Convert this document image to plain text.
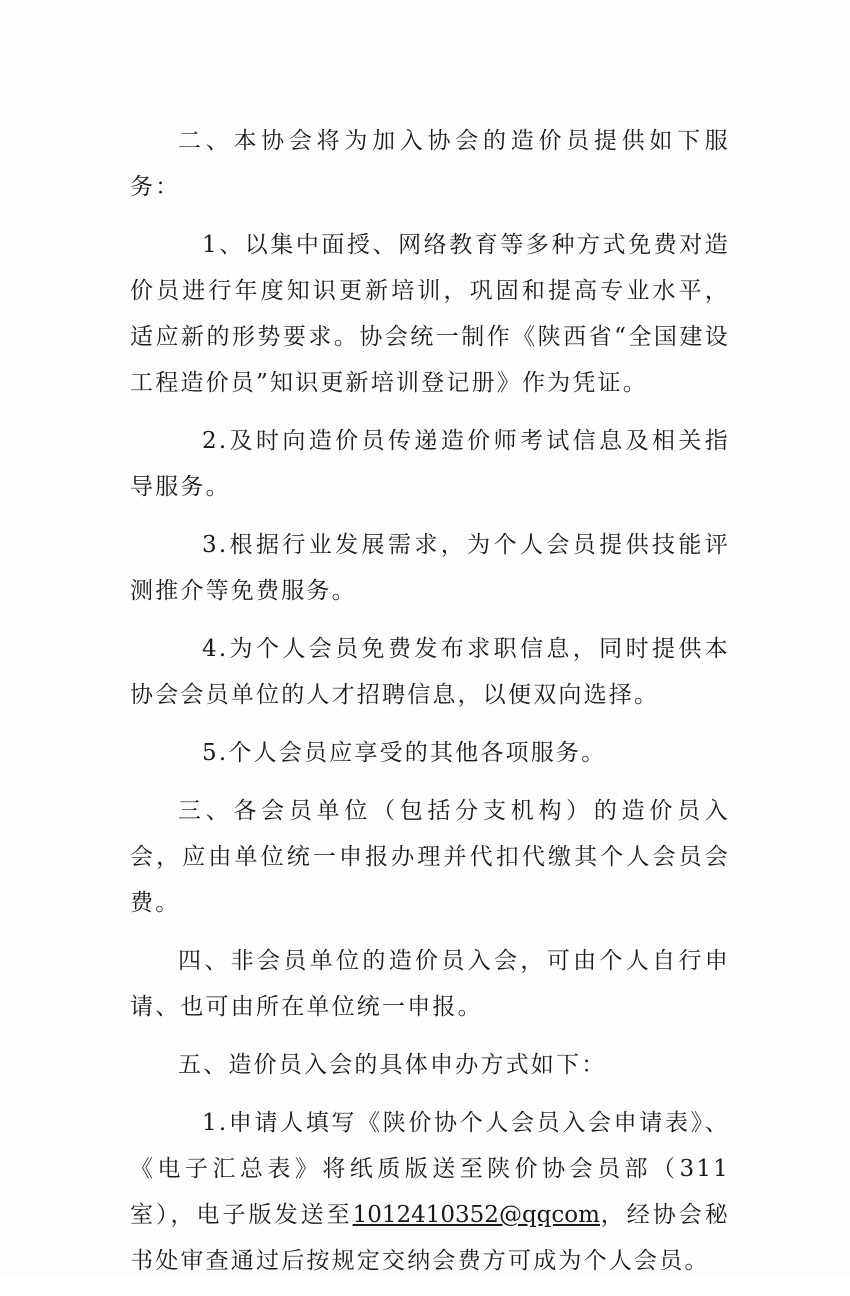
二、本协会将为加入协会的造价员提供如下服务：

1、以集中面授、网络教育等多种方式免费对造价员进行年度知识更新培训，巩固和提高专业水平，适应新的形势要求。协会统一制作《陕西省“全国建设工程造价员”知识更新培训登记册》作为凭证。

2.及时向造价员传递造价师考试信息及相关指导服务。

3.根据行业发展需求，为个人会员提供技能评测推介等免费服务。

4.为个人会员免费发布求职信息，同时提供本协会会员单位的人才招聘信息，以便双向选择。

5.个人会员应享受的其他各项服务。

三、各会员单位（包括分支机构）的造价员入会，应由单位统一申报办理并代扣代缴其个人会员会费。

四、非会员单位的造价员入会，可由个人自行申请、也可由所在单位统一申报。

五、造价员入会的具体申办方式如下：

1.申请人填写《陕价协个人会员入会申请表》、《电子汇总表》将纸质版送至陕价协会员部（311室），电子版发送至1012410352@qqcom，经协会秘书处审查通过后按规定交纳会费方可成为个人会员。
